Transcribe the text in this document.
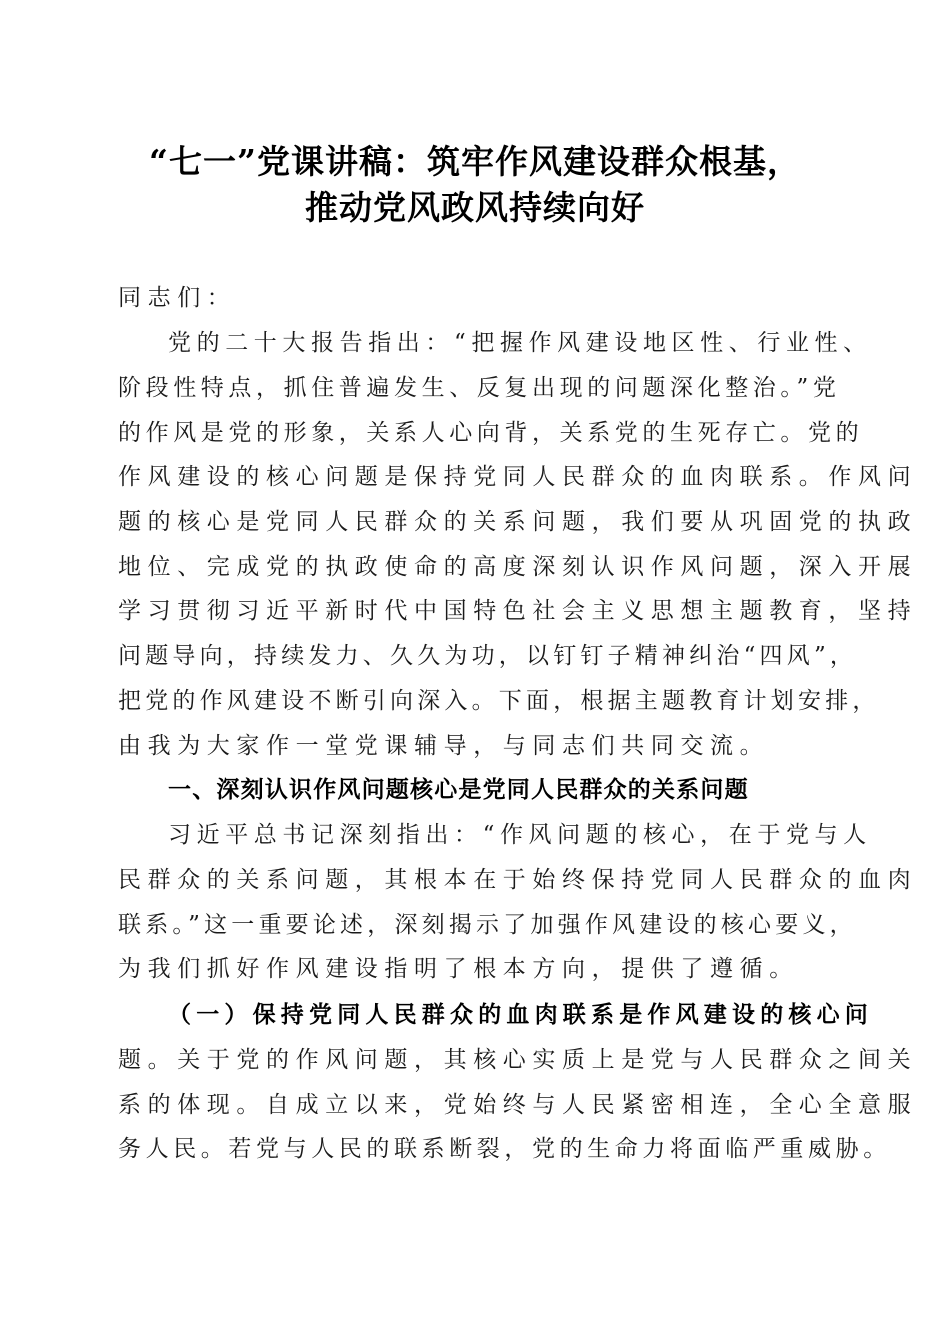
“七一”党课讲稿：筑牢作风建设群众根基，
推动党风政风持续向好
同志们：
党的二十大报告指出：“把握作风建设地区性、行业性、
阶段性特点，抓住普遍发生、反复出现的问题深化整治。”党
的作风是党的形象，关系人心向背，关系党的生死存亡。党的
作风建设的核心问题是保持党同人民群众的血肉联系。作风问
题的核心是党同人民群众的关系问题，我们要从巩固党的执政
地位、完成党的执政使命的高度深刻认识作风问题，深入开展
学习贯彻习近平新时代中国特色社会主义思想主题教育，坚持
问题导向，持续发力、久久为功，以钉钉子精神纠治“四风”，
把党的作风建设不断引向深入。下面，根据主题教育计划安排，
由我为大家作一堂党课辅导，与同志们共同交流。
一、深刻认识作风问题核心是党同人民群众的关系问题
习近平总书记深刻指出：“作风问题的核心，在于党与人
民群众的关系问题，其根本在于始终保持党同人民群众的血肉
联系。”这一重要论述，深刻揭示了加强作风建设的核心要义，
为我们抓好作风建设指明了根本方向，提供了遵循。
（一）保持党同人民群众的血肉联系是作风建设的核心问
题。关于党的作风问题，其核心实质上是党与人民群众之间关
系的体现。自成立以来，党始终与人民紧密相连，全心全意服
务人民。若党与人民的联系断裂，党的生命力将面临严重威胁。
